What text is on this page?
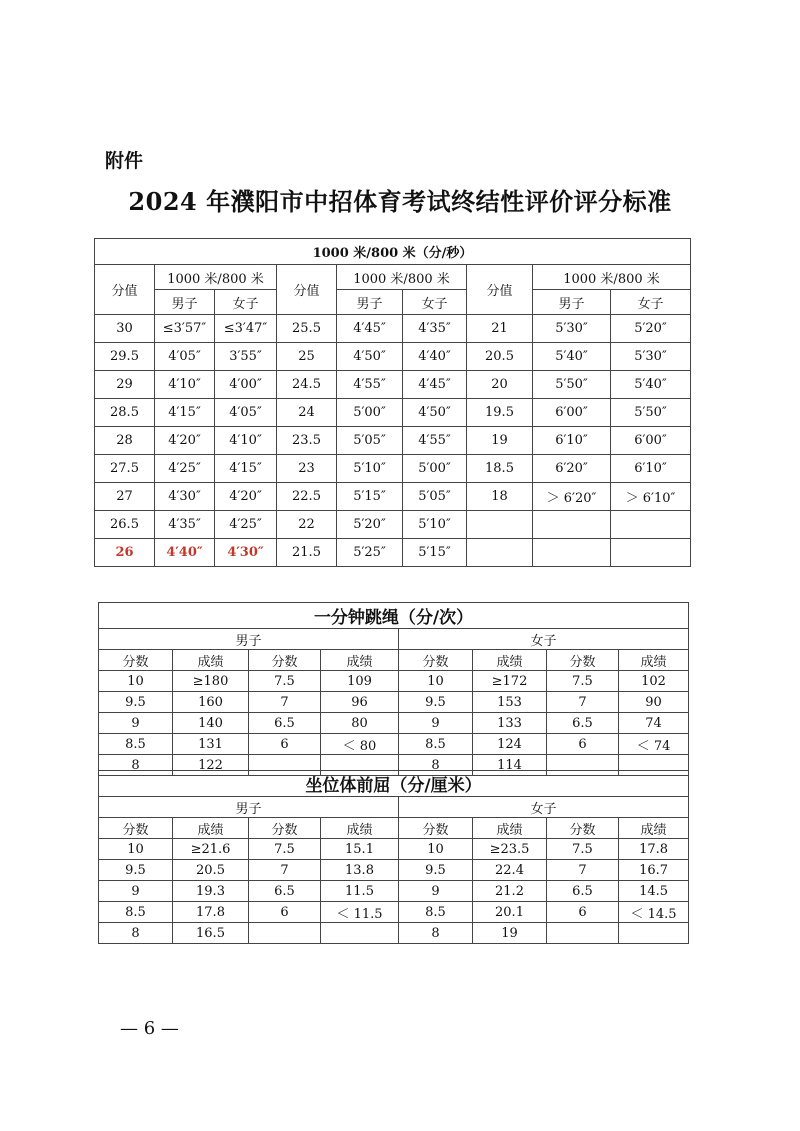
附件
2024 年濮阳市中招体育考试终结性评价评分标准
1000 米/800 米（分/秒）								
分值	1000 米/800 米		分值	1000 米/800 米		分值	1000 米/800 米	
	男子	女子		男子	女子		男子	女子
30	≤3′57″	≤3′47″	25.5	4′45″	4′35″	21	5′30″	5′20″
29.5	4′05″	3′55″	25	4′50″	4′40″	20.5	5′40″	5′30″
29	4′10″	4′00″	24.5	4′55″	4′45″	20	5′50″	5′40″
28.5	4′15″	4′05″	24	5′00″	4′50″	19.5	6′00″	5′50″
28	4′20″	4′10″	23.5	5′05″	4′55″	19	6′10″	6′00″
27.5	4′25″	4′15″	23	5′10″	5′00″	18.5	6′20″	6′10″
27	4′30″	4′20″	22.5	5′15″	5′05″	18	＞ 6′20″	＞ 6′10″
26.5	4′35″	4′25″	22	5′20″	5′10″			
26	4′40″	4′30″	21.5	5′25″	5′15″			
一分钟跳绳（分/次）							
男子				女子			
分数	成绩	分数	成绩	分数	成绩	分数	成绩
10	≥180	7.5	109	10	≥172	7.5	102
9.5	160	7	96	9.5	153	7	90
9	140	6.5	80	9	133	6.5	74
8.5	131	6	＜ 80	8.5	124	6	＜ 74
8	122			8	114		
坐位体前屈（分/厘米）							
男子				女子			
分数	成绩	分数	成绩	分数	成绩	分数	成绩
10	≥21.6	7.5	15.1	10	≥23.5	7.5	17.8
9.5	20.5	7	13.8	9.5	22.4	7	16.7
9	19.3	6.5	11.5	9	21.2	6.5	14.5
8.5	17.8	6	＜ 11.5	8.5	20.1	6	＜ 14.5
8	16.5			8	19		
— 6 —
